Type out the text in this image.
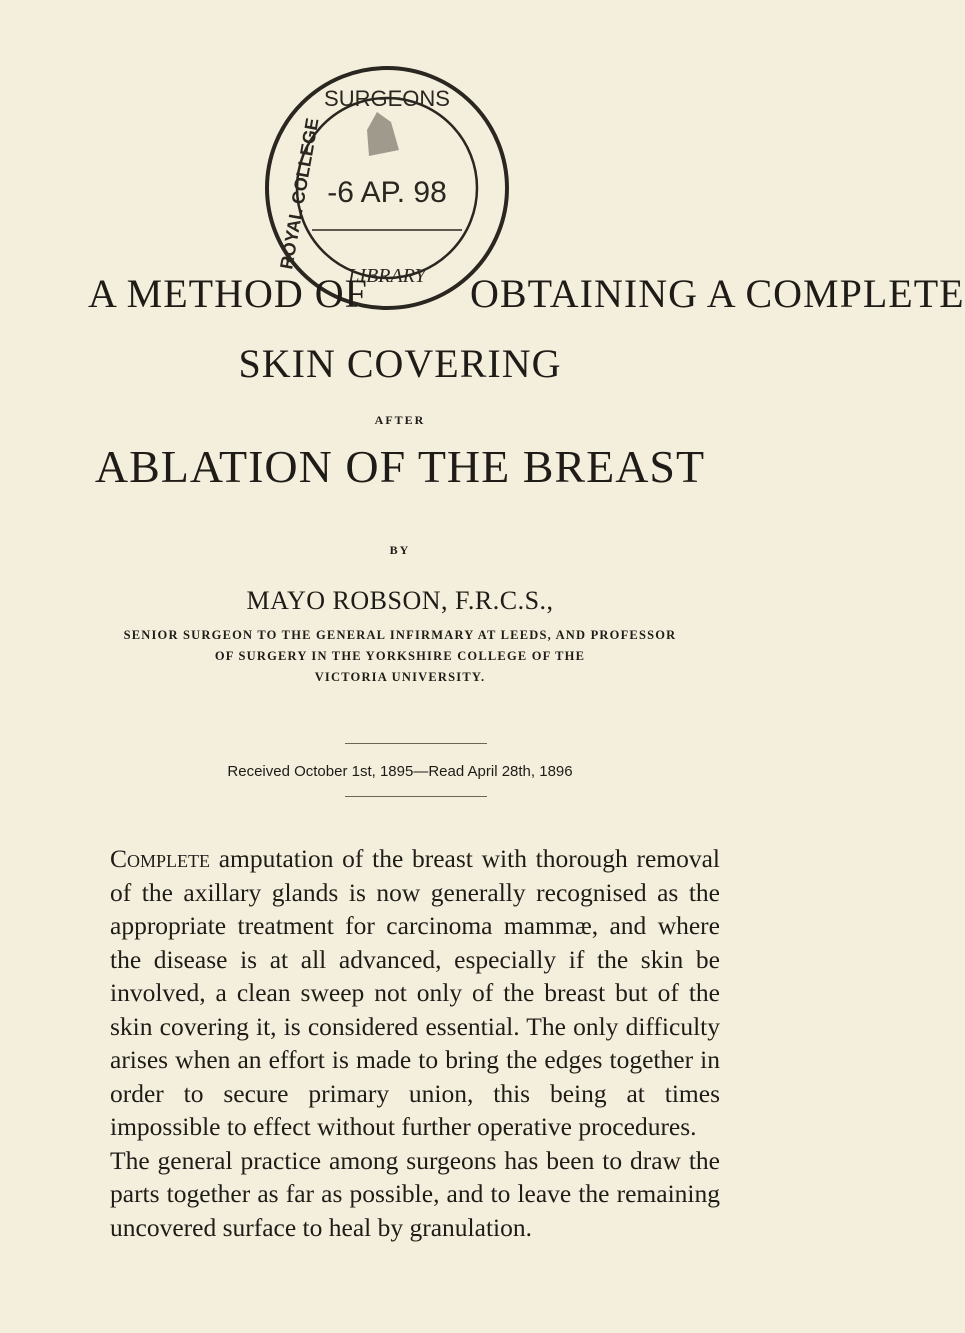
SURGEONS
ROYAL COLLEGE -6 AP. 98
LIBRARY
A METHOD OF	OBTAINING A COMPLETE
SKIN COVERING
AFTER
ABLATION OF THE BREAST
BY
MAYO ROBSON, F.R.C.S.,
SENIOR SURGEON TO THE GENERAL INFIRMARY AT LEEDS, AND PROFESSOR
OF SURGERY IN THE YORKSHIRE COLLEGE OF THE
VICTORIA UNIVERSITY.
Received October 1st, 1895—Read April 28th, 1896

Complete amputation of the breast with thorough removal of the axillary glands is now generally recognised as the appropriate treatment for carcinoma mammæ, and where the disease is at all advanced, especially if the skin be involved, a clean sweep not only of the breast but of the skin covering it, is considered essential. The only difficulty arises when an effort is made to bring the edges together in order to secure primary union, this being at times impossible to effect without further operative procedures.

The general practice among surgeons has been to draw the parts together as far as possible, and to leave the remaining uncovered surface to heal by granulation.
